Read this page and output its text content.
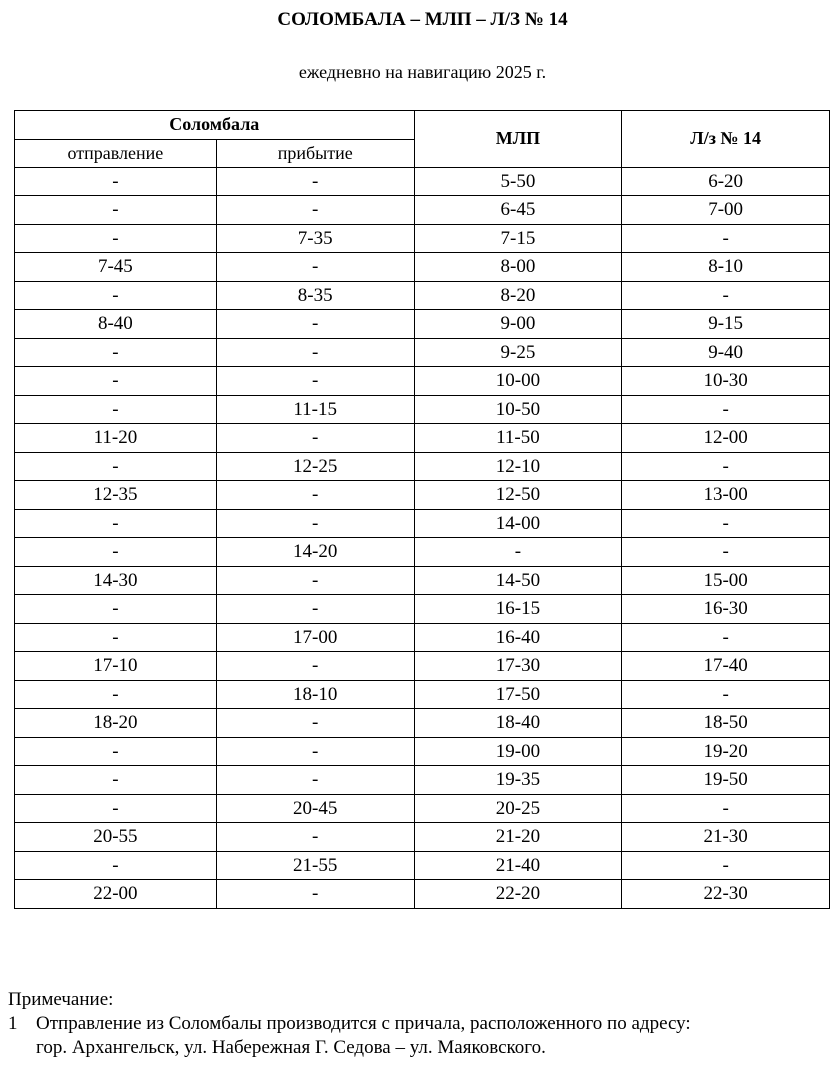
СОЛОМБАЛА – МЛП – Л/З № 14
ежедневно на навигацию 2025 г.
Соломбала		МЛП	Л/з № 14
отправление	прибытие		
-	-	5-50	6-20
-	-	6-45	7-00
-	7-35	7-15	-
7-45	-	8-00	8-10
-	8-35	8-20	-
8-40	-	9-00	9-15
-	-	9-25	9-40
-	-	10-00	10-30
-	11-15	10-50	-
11-20	-	11-50	12-00
-	12-25	12-10	-
12-35	-	12-50	13-00
-	-	14-00	-
-	14-20	-	-
14-30	-	14-50	15-00
-	-	16-15	16-30
-	17-00	16-40	-
17-10	-	17-30	17-40
-	18-10	17-50	-
18-20	-	18-40	18-50
-	-	19-00	19-20
-	-	19-35	19-50
-	20-45	20-25	-
20-55	-	21-20	21-30
-	21-55	21-40	-
22-00	-	22-20	22-30
Примечание:
1 Отправление из Соломбалы производится с причала, расположенного по адресу:
гор. Архангельск, ул. Набережная Г. Седова – ул. Маяковского.
